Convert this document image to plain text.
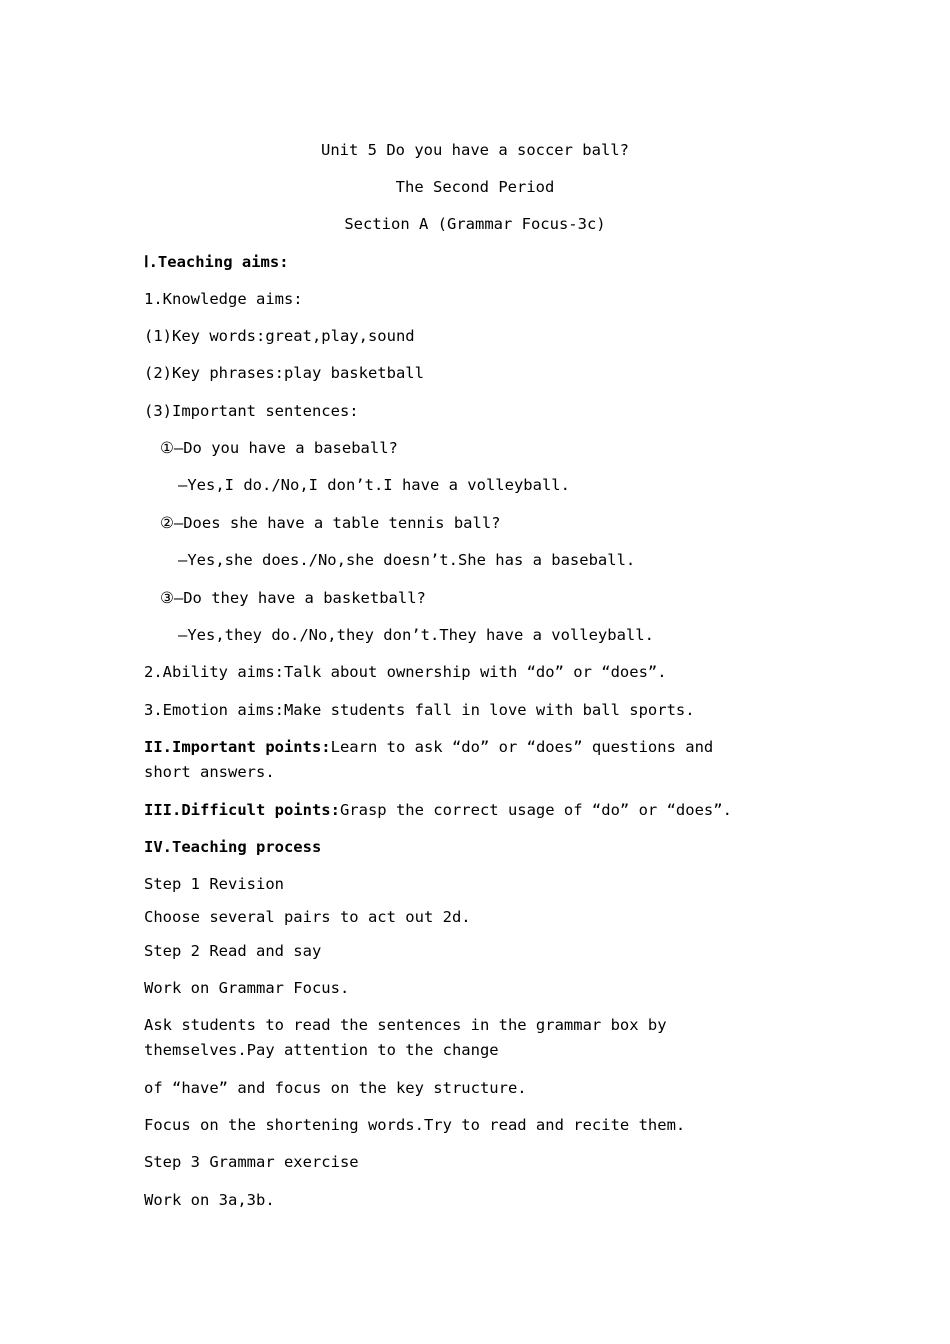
Unit 5 Do you have a soccer ball?
The Second Period
Section A (Grammar Focus-3c)
Ⅰ.Teaching aims:
1.Knowledge aims:
(1)Key words:great,play,sound
(2)Key phrases:play basketball
(3)Important sentences:
①—Do you have a baseball?
—Yes,I do./No,I don’t.I have a volleyball.
②—Does she have a table tennis ball?
—Yes,she does./No,she doesn’t.She has a baseball.
③—Do they have a basketball?
—Yes,they do./No,they don’t.They have a volleyball.
2.Ability aims:Talk about ownership with “do” or “does”.
3.Emotion aims:Make students fall in love with ball sports.
II.Important points:Learn to ask “do” or “does” questions and short answers.
III.Difficult points:Grasp the correct usage of “do” or “does”.
IV.Teaching process
Step 1 Revision
Choose several pairs to act out 2d.
Step 2 Read and say
Work on Grammar Focus.
Ask students to read the sentences in the grammar box by themselves.Pay attention to the change
of “have” and focus on the key structure.
Focus on the shortening words.Try to read and recite them.
Step 3 Grammar exercise
Work on 3a,3b.
